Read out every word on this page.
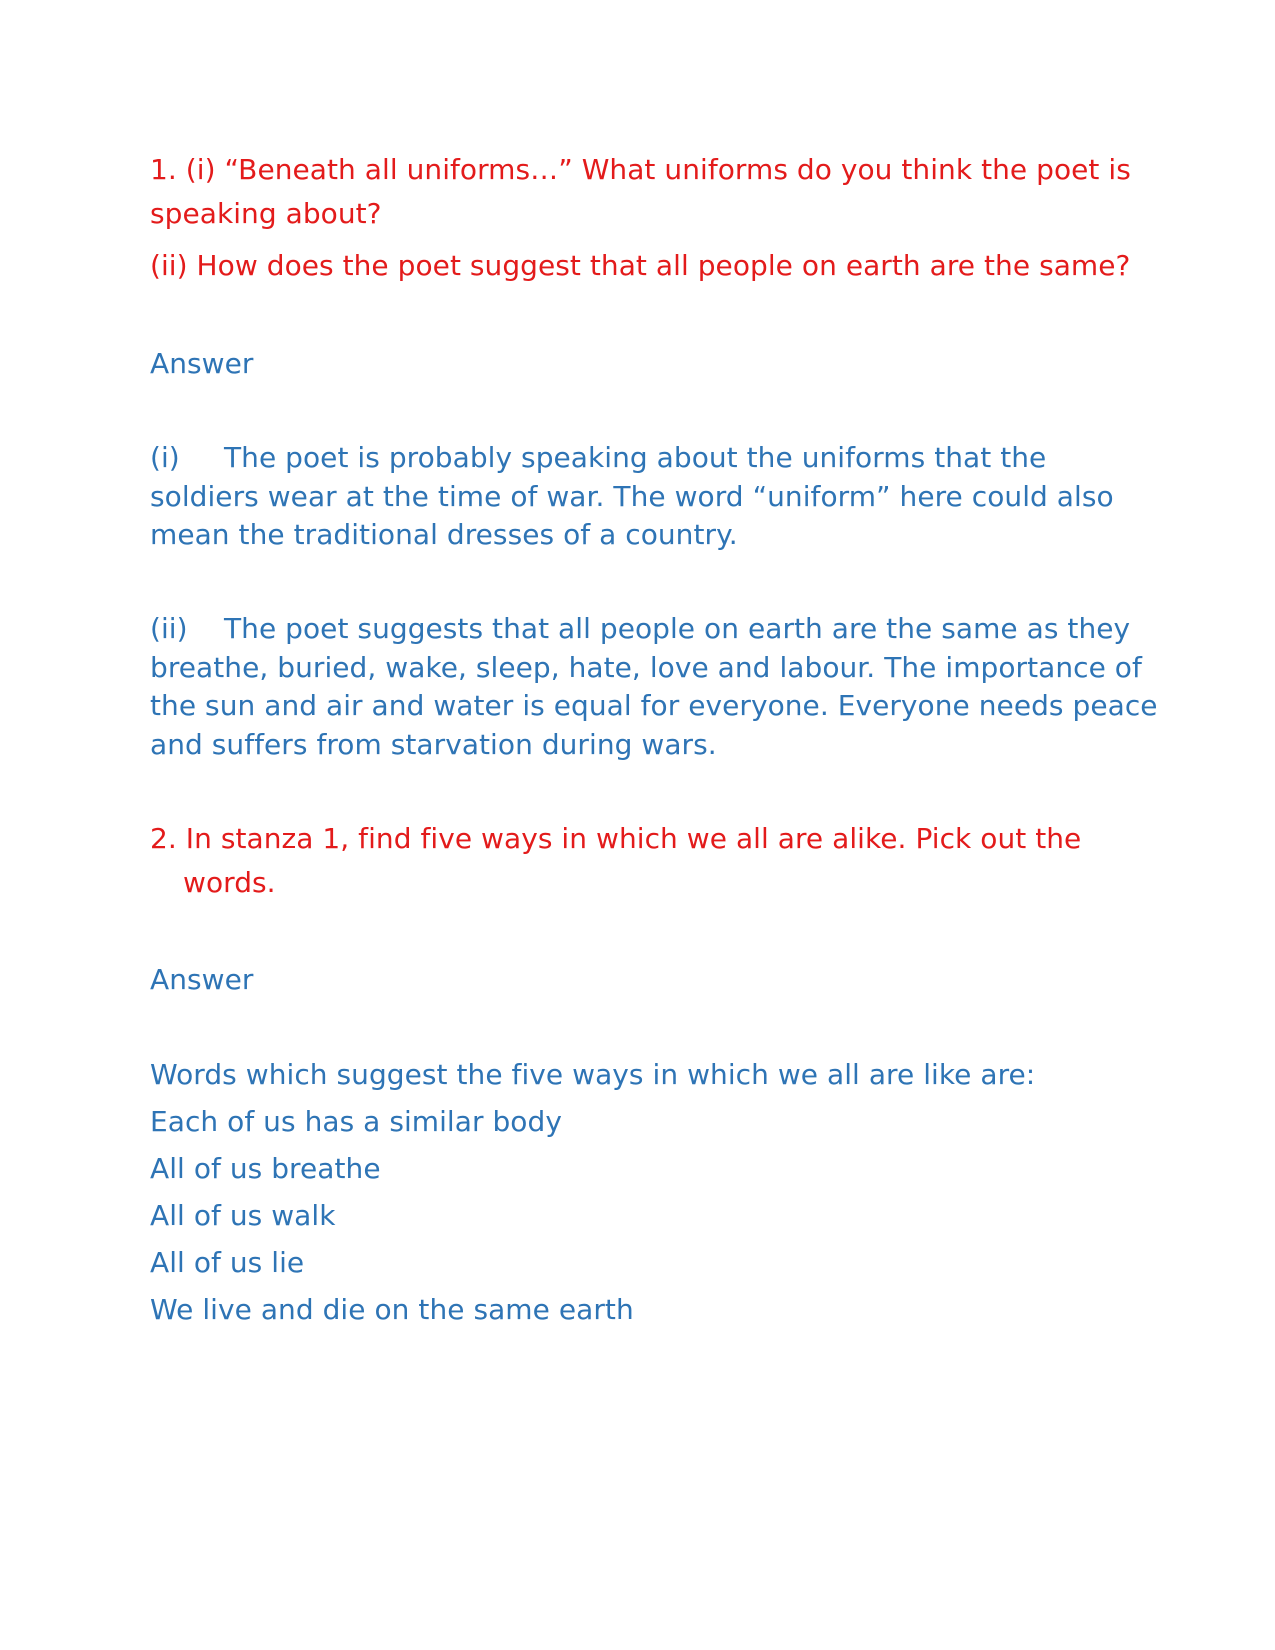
1. (i) “Beneath all uniforms…” What uniforms do you think the poet is
speaking about?
(ii) How does the poet suggest that all people on earth are the same?
Answer
(i) The poet is probably speaking about the uniforms that the
soldiers wear at the time of war. The word “uniform” here could also
mean the traditional dresses of a country.
(ii) The poet suggests that all people on earth are the same as they
breathe, buried, wake, sleep, hate, love and labour. The importance of
the sun and air and water is equal for everyone. Everyone needs peace
and suffers from starvation during wars.
2. In stanza 1, find five ways in which we all are alike. Pick out the
words.
Answer
Words which suggest the five ways in which we all are like are:
Each of us has a similar body
All of us breathe
All of us walk
All of us lie
We live and die on the same earth
